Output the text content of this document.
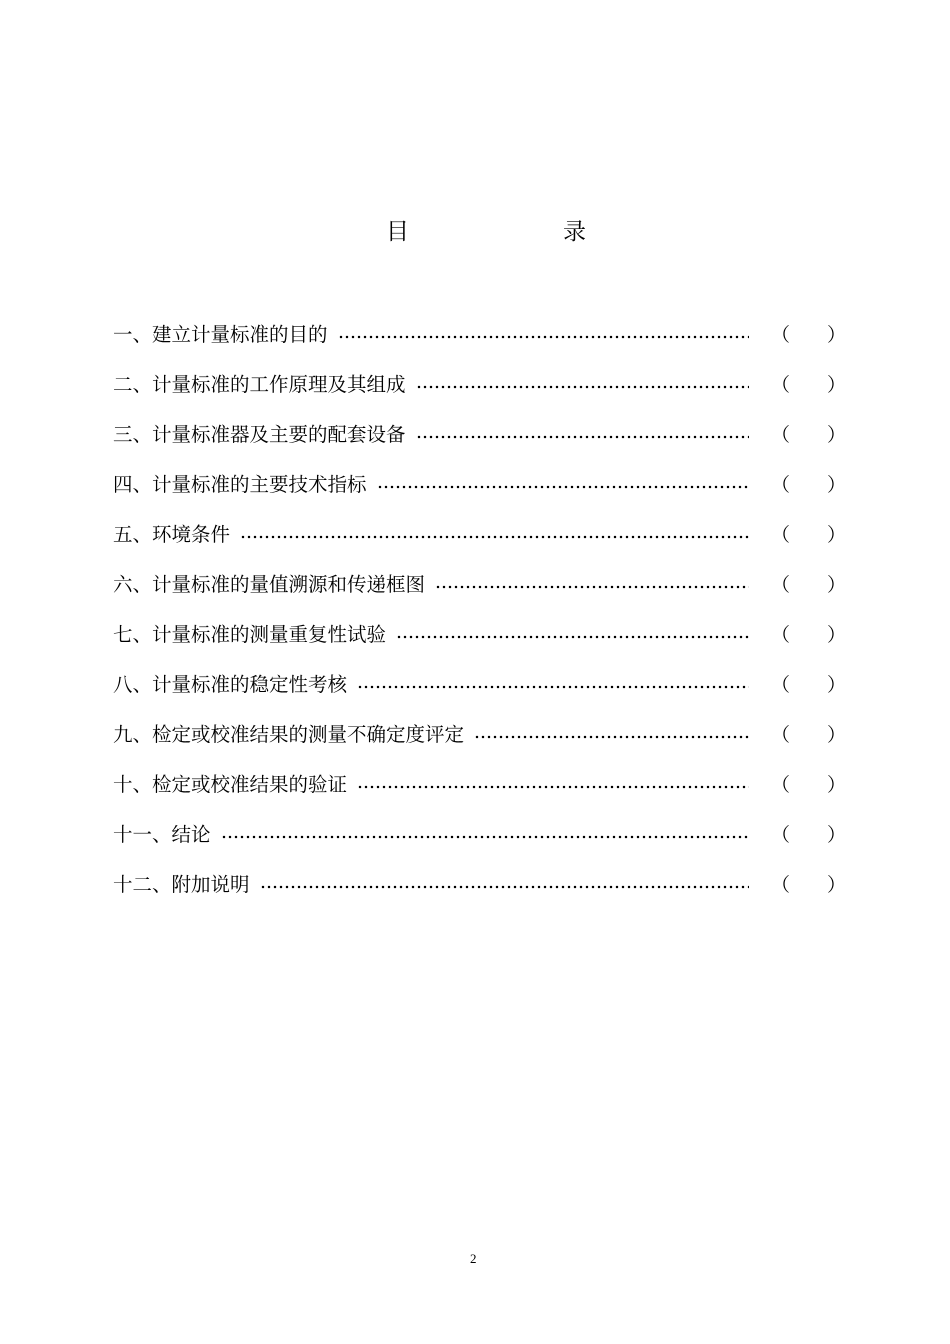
目	录
一、建立计量标准的目的	（ ）
二、计量标准的工作原理及其组成	（ ）
三、计量标准器及主要的配套设备	（ ）
四、计量标准的主要技术指标	（ ）
五、环境条件	（ ）
六、计量标准的量值溯源和传递框图	（ ）
七、计量标准的测量重复性试验	（ ）
八、计量标准的稳定性考核	（ ）
九、检定或校准结果的测量不确定度评定	（ ）
十、检定或校准结果的验证	（ ）
十一、结论	（ ）
十二、附加说明	（ ）
2
